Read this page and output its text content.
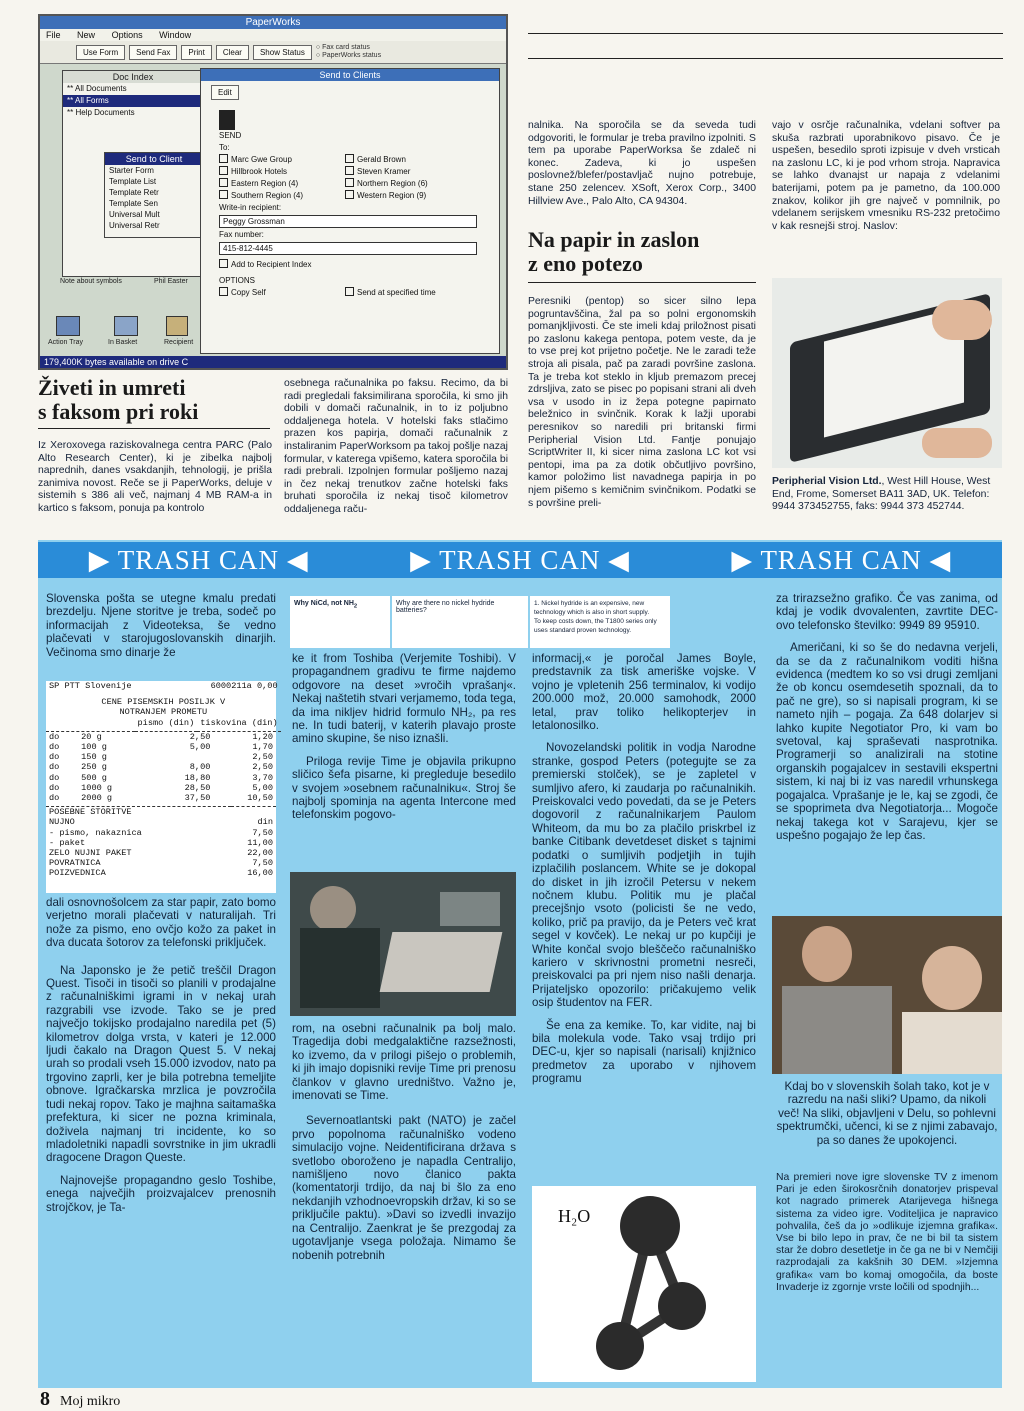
PaperWorks
File New Options Window
Use Form	Send Fax	Print	Clear	Show Status	○ Fax card status
○ PaperWorks status
Doc Index
** All Documents
** All Forms
** Help Documents
Send to Client
Starter Form
Template List
Template Retr
Template Sen
Universal Mult
Universal Retr
Note about symbols	Phil Easter
Action Tray	In Basket	Recipient
Send to Clients
Edit
SEND
To:
Marc Gwe Group
Hillbrook Hotels
Eastern Region (4)
Southern Region (4)
Gerald Brown
Steven Kramer
Northern Region (6)
Western Region (9)
Write-in recipient:
Peggy Grossman
Fax number:
415-812-4445
Add to Recipient Index
OPTIONS
Copy Self	Send at specified time
179,400K bytes available on drive C
Živeti in umreti
s faksom pri roki

Iz Xeroxovega raziskovalnega centra PARC (Palo Alto Research Center), ki je zibelka najbolj naprednih, danes vsakdanjih, tehnologij, je prišla zanimiva novost. Reče se ji PaperWorks, deluje v sistemih s 386 ali več, najmanj 4 MB RAM-a in kartico s faksom, ponuja pa kontrolo

osebnega računalnika po faksu. Recimo, da bi radi pregledali faksimilirana sporočila, ki smo jih dobili v domači računalnik, in to iz poljubno oddaljenega hotela. V hotelski faks stlačimo prazen kos papirja, domači računalnik z instaliranim PaperWorksom pa takoj pošlje nazaj formular, v katerega vpišemo, katera sporočila bi radi prebrali. Izpolnjen formular pošljemo nazaj in čez nekaj trenutkov začne hotelski faks bruhati sporočila iz nekaj tisoč kilometrov oddaljenega raču-

nalnika. Na sporočila se da seveda tudi odgovoriti, le formular je treba pravilno izpolniti. S tem pa uporabe PaperWorksa še zdaleč ni konec. Zadeva, ki jo uspešen poslovnež/blefer/postavljač nujno potrebuje, stane 250 zelencev. XSoft, Xerox Corp., 3400 Hillview Ave., Palo Alto, CA 94304.

Na papir in zaslon
z eno potezo

Peresniki (pentop) so sicer silno lepa pogruntavščina, žal pa so polni ergonomskih pomanjkljivosti. Če ste imeli kdaj priložnost pisati po zaslonu kakega pentopa, potem veste, da je to vse prej kot prijetno početje. Ne le zaradi teže stroja ali pisala, pač pa zaradi površine zaslona. Ta je treba kot steklo in kljub premazom precej zdrsljiva, zato se pisec po popisani strani ali dveh vsa v usodo in iz žepa potegne papirnato beležnico in svinčnik. Korak k lažji uporabi peresnikov so naredili pri britanski firmi Peripherial Vision Ltd. Fantje ponujajo ScriptWriter II, ki sicer nima zaslona LC kot vsi pentopi, ima pa za dotik občutljivo površino, kamor položimo list navadnega papirja in po njem pišemo s kemičnim svinčnikom. Podatki se s površine preli-

vajo v osrčje računalnika, vdelani softver pa skuša razbrati uporabnikovo pisavo. Če je uspešen, besedilo sproti izpisuje v dveh vrsticah na zaslonu LC, ki je pod vrhom stroja. Napravica se lahko dvanajst ur napaja z vdelanimi baterijami, potem pa je pametno, da 100.000 znakov, kolikor jih gre največ v pomnilnik, po vdelanem serijskem vmesniku RS-232 pretočimo v kak resnejši stroj. Naslov:

Peripherial Vision Ltd., West Hill House, West End, Frome, Somerset BA11 3AD, UK. Telefon: 9944 373452755, faks: 9944 373 452744.
▶ TRASH CAN ◀	▶ TRASH CAN ◀	▶ TRASH CAN ◀

Slovenska pošta se utegne kmalu predati brezdelju. Njene storitve je treba, sodeč po informacijah z Videoteksa, še vedno plačevati v starojugoslovanskih dinarjih. Večinoma smo dinarje že

SP PTT Slovenije	6000211a 0,00	

CENE PISEMSKIH POSILJK V		
NOTRANJEM PROMETU		
	pismo (din)	tiskovina (din)

do	20 g	2,50	1,20
do	100 g	5,00	1,70
do	150 g		2,50
do	250 g	8,00	2,50
do	500 g	18,80	3,70
do	1000 g	28,50	5,00
do	2000 g	37,50	10,50

POSEBNE STORITVE	
NUJNO	din
- pismo, nakaznica	7,50
- paket	11,00
ZELO NUJNI PAKET	22,00
POVRATNICA	7,50
POIZVEDNICA	16,00

dali osnovnošolcem za star papir, zato bomo verjetno morali plačevati v naturalijah. Tri nože za pismo, eno ovčjo kožo za paket in dva ducata šotorov za telefonski priključek.

Na Japonsko je že petič treščil Dragon Quest. Tisoči in tisoči so planili v prodajalne z računalniškimi igrami in v nekaj urah razgrabili vse izvode. Tako se je pred največjo tokijsko prodajalno naredila pet (5) kilometrov dolga vrsta, v kateri je 12.000 ljudi čakalo na Dragon Quest 5. V nekaj urah so prodali vseh 15.000 izvodov, nato pa trgovino zaprli, ker je bila potrebna temeljite obnove. Igračkarska mrzlica je povzročila tudi nekaj ropov. Tako je majhna saitamaška prefektura, ki sicer ne pozna kriminala, doživela najmanj tri incidente, ko so mladoletniki napadli sovrstnike in jim ukradli dragocene Dragon Queste.

Najnovejše propagandno geslo Toshibe, enega največjih proizvajalcev prenosnih strojčkov, je Ta-

Why NiCd, not $NH_2$	Why are there no nickel hydride batteries?
1. Nickel hydride is an expensive, new technology which is also in short supply.
To keep costs down, the T1800 series only uses standard proven technology.

ke it from Toshiba (Verjemite Toshibi). V propagandnem gradivu te firme najdemo odgovore na deset »vročih vprašanj«. Nekaj naštetih stvari verjamemo, toda tega, da ima nikljev hidrid formulo NH₂, pa res ne. In tudi baterij, v katerih plavajo proste amino skupine, še niso iznašli.

Priloga revije Time je objavila prikupno sličico šefa pisarne, ki pregleduje besedilo v svojem »osebnem računalniku«. Stroj še najbolj spominja na agenta Intercone med telefonskim pogovo-

rom, na osebni računalnik pa bolj malo. Tragedija dobi medgalaktične razsežnosti, ko izvemo, da v prilogi pišejo o problemih, ki jih imajo dopisniki revije Time pri prenosu člankov v glavno uredništvo. Važno je, imenovati se Time.

Severnoatlantski pakt (NATO) je začel prvo popolnoma računalniško vodeno simulacijo vojne. Neidentificirana država s svetlobo oboroženo je napadla Centralijo, namišljeno novo članico pakta (komentatorji trdijo, da naj bi šlo za eno nekdanjih vzhodnoevropskih držav, ki so se priključile paktu). »Davi so izvedli invazijo na Centralijo. Zaenkrat je še prezgodaj za ugotavljanje vsega položaja. Nimamo še nobenih potrebnih

informacij,« je poročal James Boyle, predstavnik za tisk ameriške vojske. V vojno je vpletenih 256 terminalov, ki vodijo 200.000 mož, 20.000 samohodk, 2000 letal, prav toliko helikopterjev in letalonosilko.

Novozelandski politik in vodja Narodne stranke, gospod Peters (potegujte se za premierski stolček), se je zapletel v sumljivo afero, ki zaudarja po računalnikih. Preiskovalci vedo povedati, da se je Peters dogovoril z računalnikarjem Paulom Whiteom, da mu bo za plačilo priskrbel iz banke Citibank devetdeset disket s tajnimi podatki o sumljivih podjetjih in tujih izplačilih poslancem. White se je dokopal do disket in jih izročil Petersu v nekem nočnem klubu. Politik mu je plačal precejšnjo vsoto (policisti še ne vedo, koliko, prič pa pravijo, da je Peters več krat segel v kovček). Le nekaj ur po kupčiji je White končal svojo bleščečo računalniško kariero v skrivnostni prometni nesreči, preiskovalci pa pri njem niso našli denarja. Prijateljsko opozorilo: pričakujemo velik osip študentov na FER.

Še ena za kemike. To, kar vidite, naj bi bila molekula vode. Tako vsaj trdijo pri DEC-u, kjer so napisali (narisali) knjižnico predmetov za uporabo v njihovem programu

H₂O

za trirazsežno grafiko. Če vas zanima, od kdaj je vodik dvovalenten, zavrtite DEC-ovo telefonsko številko: 9949 89 95910.

Američani, ki so še do nedavna verjeli, da se da z računalnikom voditi hišna evidenca (medtem ko so vsi drugi zemljani že ob koncu osemdesetih spoznali, da to pač ne gre), so si napisali program, ki se nameto njih – pogaja. Za 648 dolarjev si lahko kupite Negotiator Pro, ki vam bo svetoval, kaj spraševati nasprotnika. Programerji so analizirali na stotine organskih pogajalcev in sestavili ekspertni sistem, ki naj bi iz vas naredil vrhunskega pogajalca. Vprašanje je le, kaj se zgodi, če se spoprimeta dva Negotiatorja... Mogoče nekaj takega kot v Sarajevu, kjer se uspešno pogajajo že lep čas.

Kdaj bo v slovenskih šolah tako, kot je v razredu na naši sliki? Upamo, da nikoli več! Na sliki, objavljeni v Delu, so pohlevni spektrumčki, učenci, ki se z njimi zabavajo, pa so danes že upokojenci.

Na premieri nove igre slovenske TV z imenom Pari je eden širokosrčnih donatorjev prispeval kot nagrado primerek Atarijevega hišnega sistema za video igre. Voditeljica je napravico pohvalila, češ da jo »odlikuje izjemna grafika«. Vse bi bilo lepo in prav, če ne bi bil ta sistem star že dobro desetletje in če ga ne bi v Nemčiji razprodajali za kakšnih 30 DEM. »Izjemna grafika« vam bo komaj omogočila, da boste Invaderje iz zgornje vrste ločili od spodnjih...

8 Moj mikro
